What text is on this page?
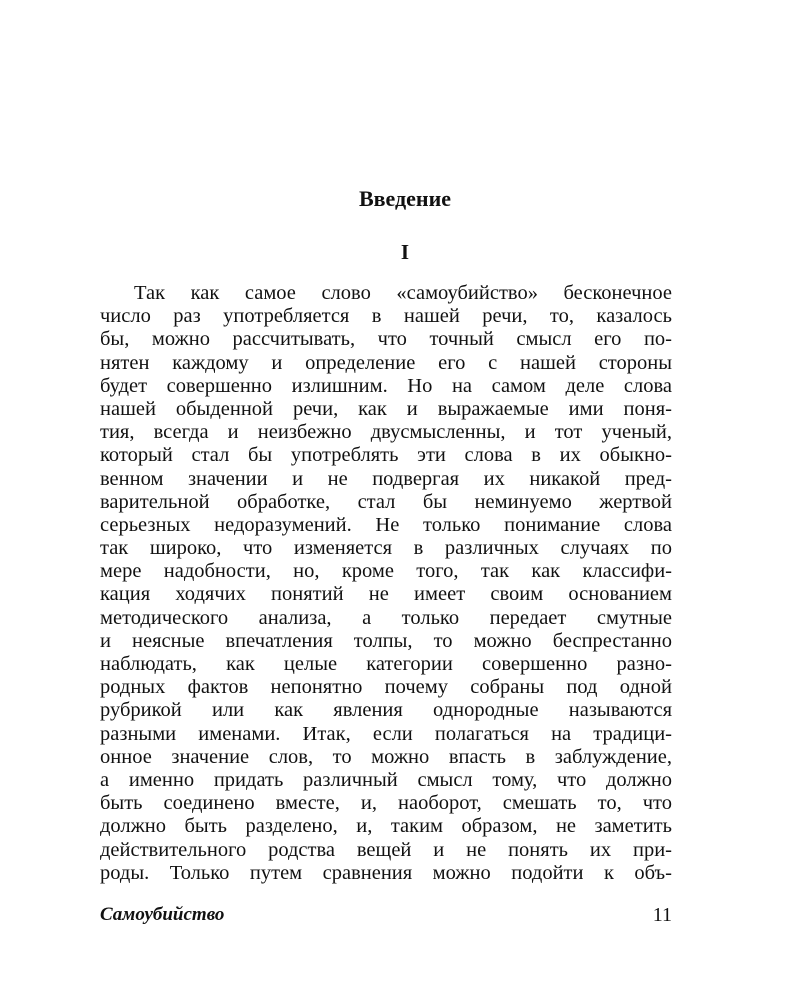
Введение
I
Так как самое слово «самоубийство» бесконечное
число раз употребляется в нашей речи, то, казалось
бы, можно рассчитывать, что точный смысл его по-
нятен каждому и определение его с нашей стороны
будет совершенно излишним. Но на самом деле слова
нашей обыденной речи, как и выражаемые ими поня-
тия, всегда и неизбежно двусмысленны, и тот ученый,
который стал бы употреблять эти слова в их обыкно-
венном значении и не подвергая их никакой пред-
варительной обработке, стал бы неминуемо жертвой
серьезных недоразумений. Не только понимание слова
так широко, что изменяется в различных случаях по
мере надобности, но, кроме того, так как классифи-
кация ходячих понятий не имеет своим основанием
методического анализа, а только передает смутные
и неясные впечатления толпы, то можно беспрестанно
наблюдать, как целые категории совершенно разно-
родных фактов непонятно почему собраны под одной
рубрикой или как явления однородные называются
разными именами. Итак, если полагаться на традици-
онное значение слов, то можно впасть в заблуждение,
а именно придать различный смысл тому, что должно
быть соединено вместе, и, наоборот, смешать то, что
должно быть разделено, и, таким образом, не заметить
действительного родства вещей и не понять их при-
роды. Только путем сравнения можно подойти к объ-

Самоубийство	11
